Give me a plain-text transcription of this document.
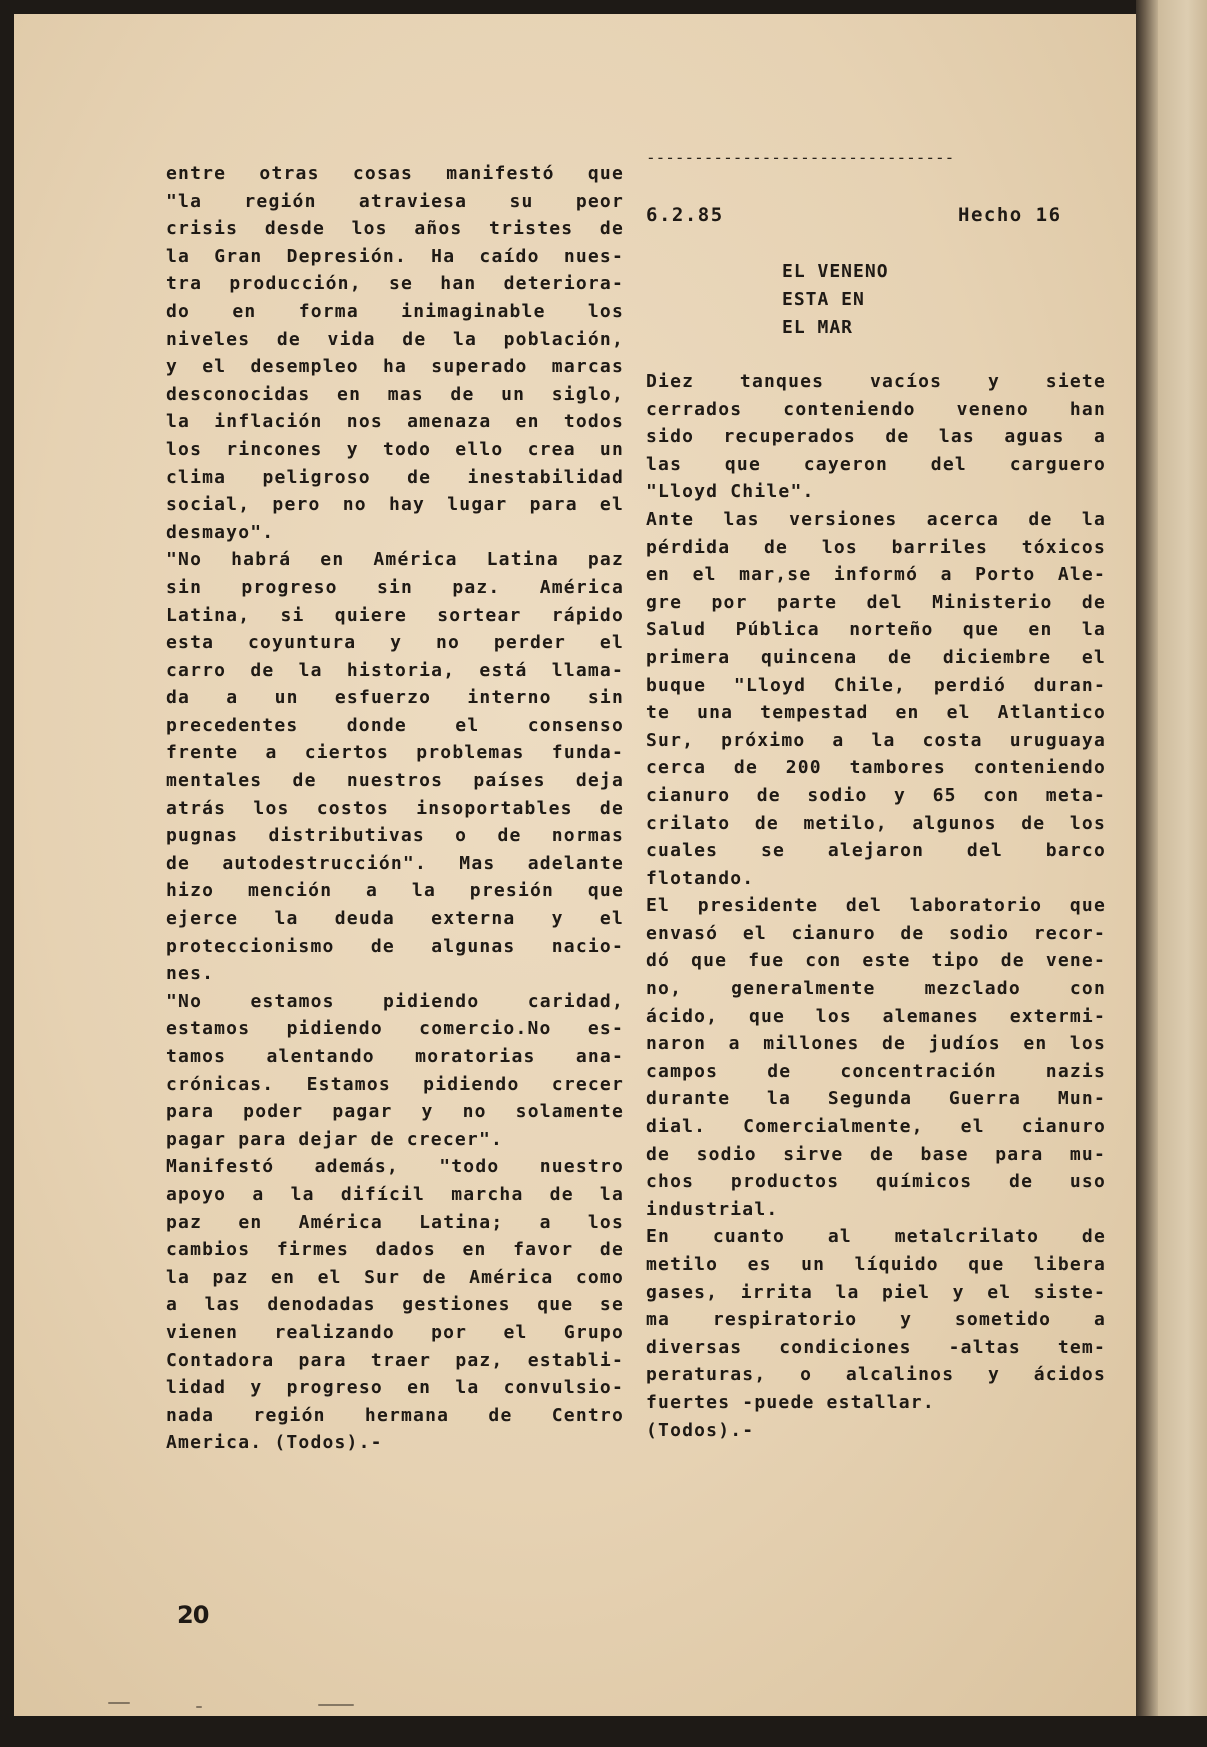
entre otras cosas manifestó que
"la región atraviesa su peor
crisis desde los años tristes de
la Gran Depresión. Ha caído nues-
tra producción, se han deteriora-
do en forma inimaginable los
niveles de vida de la población,
y el desempleo ha superado marcas
desconocidas en mas de un siglo,
la inflación nos amenaza en todos
los rincones y todo ello crea un
clima peligroso de inestabilidad
social, pero no hay lugar para el
desmayo".
"No habrá en América Latina paz
sin progreso sin paz. América
Latina, si quiere sortear rápido
esta coyuntura y no perder el
carro de la historia, está llama-
da a un esfuerzo interno sin
precedentes donde el consenso
frente a ciertos problemas funda-
mentales de nuestros países deja
atrás los costos insoportables de
pugnas distributivas o de normas
de autodestrucción". Mas adelante
hizo mención a la presión que
ejerce la deuda externa y el
proteccionismo de algunas nacio-
nes.
"No estamos pidiendo caridad,
estamos pidiendo comercio.No es-
tamos alentando moratorias ana-
crónicas. Estamos pidiendo crecer
para poder pagar y no solamente
pagar para dejar de crecer".
Manifestó además, "todo nuestro
apoyo a la difícil marcha de la
paz en América Latina; a los
cambios firmes dados en favor de
la paz en el Sur de América como
a las denodadas gestiones que se
vienen realizando por el Grupo
Contadora para traer paz, establi-
lidad y progreso en la convulsio-
nada región hermana de Centro
America. (Todos).-
--------------------------------
6.2.85	Hecho 16
EL VENENO
ESTA EN
EL MAR
Diez tanques vacíos y siete
cerrados conteniendo veneno han
sido recuperados de las aguas a
las que cayeron del carguero
"Lloyd Chile".
Ante las versiones acerca de la
pérdida de los barriles tóxicos
en el mar,se informó a Porto Ale-
gre por parte del Ministerio de
Salud Pública norteño que en la
primera quincena de diciembre el
buque "Lloyd Chile, perdió duran-
te una tempestad en el Atlantico
Sur, próximo a la costa uruguaya
cerca de 200 tambores conteniendo
cianuro de sodio y 65 con meta-
crilato de metilo, algunos de los
cuales se alejaron del barco
flotando.
El presidente del laboratorio que
envasó el cianuro de sodio recor-
dó que fue con este tipo de vene-
no, generalmente mezclado con
ácido, que los alemanes extermi-
naron a millones de judíos en los
campos de concentración nazis
durante la Segunda Guerra Mun-
dial. Comercialmente, el cianuro
de sodio sirve de base para mu-
chos productos químicos de uso
industrial.
En cuanto al metalcrilato de
metilo es un líquido que libera
gases, irrita la piel y el siste-
ma respiratorio y sometido a
diversas condiciones -altas tem-
peraturas, o alcalinos y ácidos
fuertes -puede estallar.
(Todos).-
20
